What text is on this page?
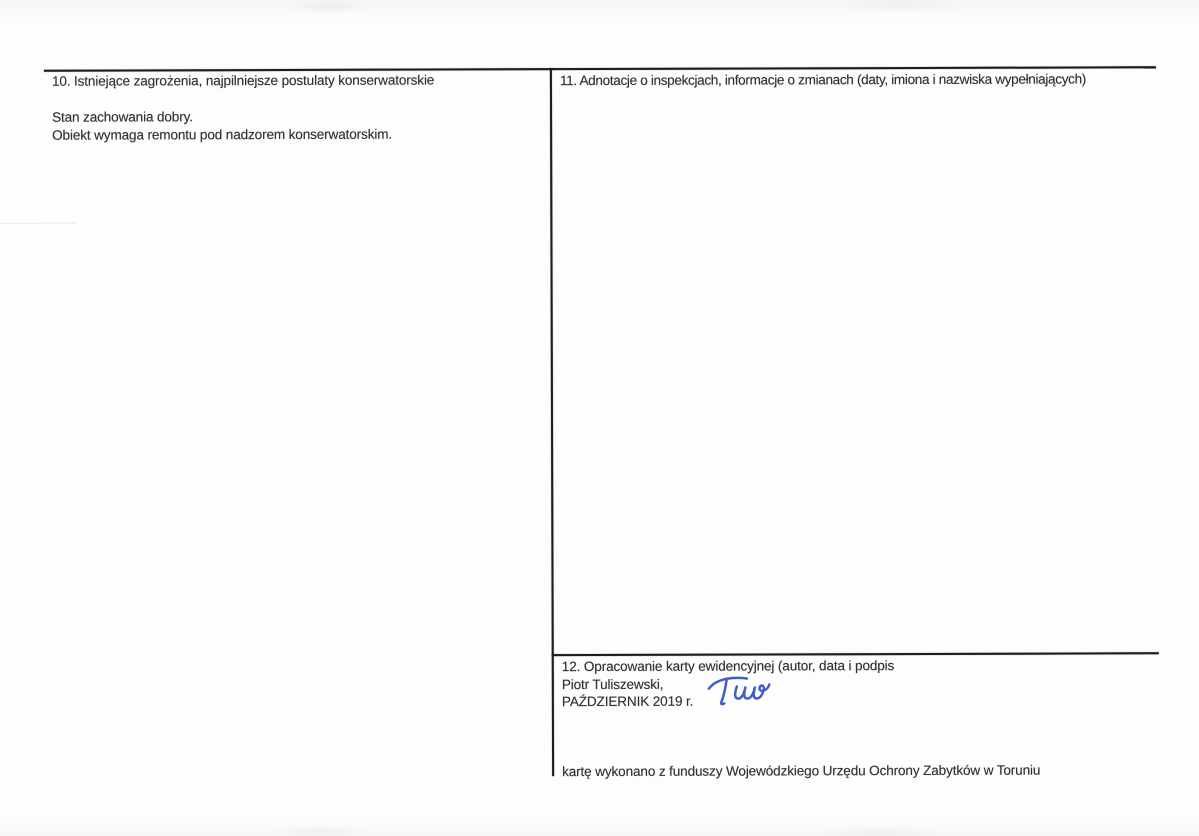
10. Istniejące zagrożenia, najpilniejsze postulaty konserwatorskie
Stan zachowania dobry.
Obiekt wymaga remontu pod nadzorem konserwatorskim.
11. Adnotacje o inspekcjach, informacje o zmianach (daty, imiona i nazwiska wypełniających)
12. Opracowanie karty ewidencyjnej (autor, data i podpis
Piotr Tuliszewski,
PAŹDZIERNIK 2019 r.
kartę wykonano z funduszy Wojewódzkiego Urzędu Ochrony Zabytków w Toruniu
